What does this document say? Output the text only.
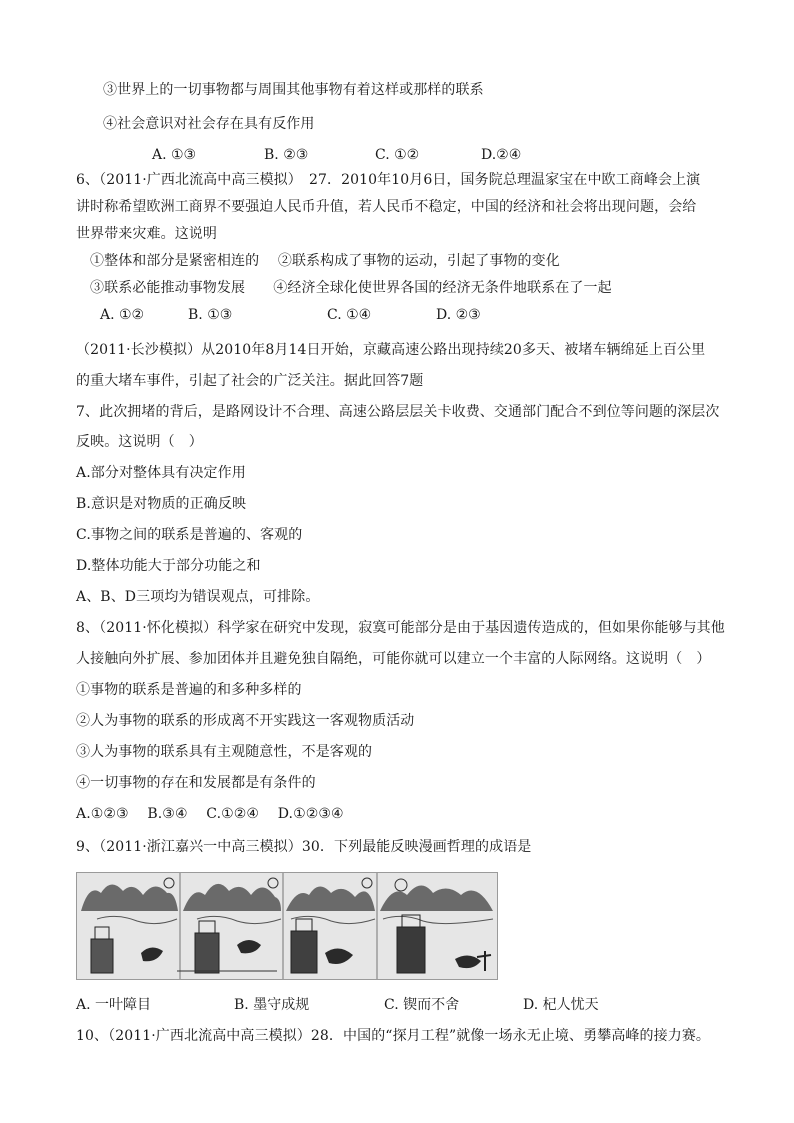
③世界上的一切事物都与周围其他事物有着这样或那样的联系
④社会意识对社会存在具有反作用
A. ①③	B. ②③	C. ①②	D.②④
6、（2011·广西北流高中高三模拟）　27．2010年10月6日，国务院总理温家宝在中欧工商峰会上演
讲时称希望欧洲工商界不要强迫人民币升值，若人民币不稳定，中国的经济和社会将出现问题，会给
世界带来灾难。这说明
①整体和部分是紧密相连的　 ②联系构成了事物的运动，引起了事物的变化
③联系必能推动事物发展　　④经济全球化使世界各国的经济无条件地联系在了一起
A. ①②	B. ①③	C. ①④	D. ②③
（2011·长沙模拟）从2010年8月14日开始，京藏高速公路出现持续20多天、被堵车辆绵延上百公里
的重大堵车事件，引起了社会的广泛关注。据此回答7题
7、此次拥堵的背后，是路网设计不合理、高速公路层层关卡收费、交通部门配合不到位等问题的深层次
反映。这说明（　）
A.部分对整体具有决定作用
B.意识是对物质的正确反映
C.事物之间的联系是普遍的、客观的
D.整体功能大于部分功能之和
A、B、D三项均为错误观点，可排除。
8、（2011·怀化模拟）科学家在研究中发现，寂寞可能部分是由于基因遗传造成的，但如果你能够与其他
人接触向外扩展、参加团体并且避免独自隔绝，可能你就可以建立一个丰富的人际网络。这说明（　）
①事物的联系是普遍的和多种多样的
②人为事物的联系的形成离不开实践这一客观物质活动
③人为事物的联系具有主观随意性，不是客观的
④一切事物的存在和发展都是有条件的
A.①②③　 B.③④　 C.①②④　 D.①②③④
9、（2011·浙江嘉兴一中高三模拟）30．下列最能反映漫画哲理的成语是
A. 一叶障目	B. 墨守成规	C. 锲而不舍	D. 杞人忧天
10、（2011·广西北流高中高三模拟）28．中国的“探月工程”就像一场永无止境、勇攀高峰的接力赛。
